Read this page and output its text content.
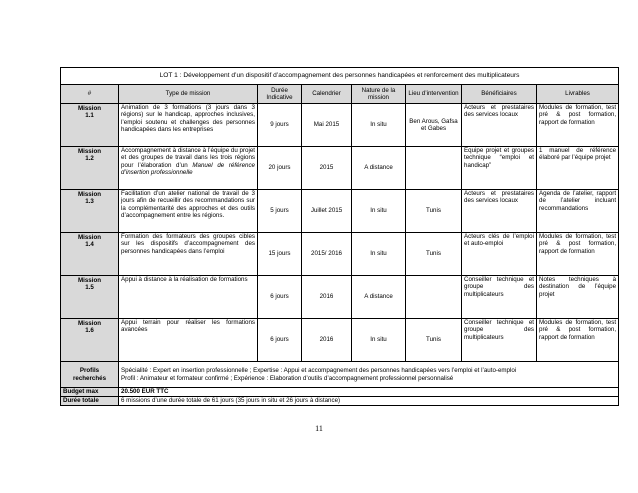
LOT 1 : Développement d’un dispositif d’accompagnement des personnes handicapées et renforcement des multiplicateurs							
#	Type de mission	Durée Indicative	Calendrier	Nature de la mission	Lieu d’intervention	Bénéficiaires	Livrables

Mission
1.1	Animation de 3 formations (3 jours dans 3 régions) sur le handicap, approches inclusives, l’emploi soutenu et challenges des personnes handicapées dans les entreprises	9 jours	Mai 2015	In situ	Ben Arous, Gafsa et Gabes	Acteurs et prestataires des services locaux	Modules de formation, test pré & post formation, rapport de formation

Mission
1.2	Accompagnement à distance à l’équipe du projet et des groupes de travail dans les trois régions pour l’élaboration d’un Manuel de référence d’insertion professionnelle	20 jours	2015	A distance		Equipe projet et groupes technique “emploi et handicap”	1 manuel de référence élaboré par l’équipe projet

Mission
1.3	Facilitation d’un atelier national de travail de 3 jours afin de recueillir des recommandations sur la complémentarité des approches et des outils d’accompagnement entre les régions.	5 jours	Juillet 2015	In situ	Tunis	Acteurs et prestataires des services locaux	Agenda de l’atelier, rapport de l’atelier incluant recommandations

Mission
1.4	Formation des formateurs des groupes cibles sur les dispositifs d’accompagnement des personnes handicapées dans l’emploi	15 jours	2015/ 2016	In situ	Tunis	Acteurs clés de l’emploi et auto-emploi	Modules de formation, test pré & post formation, rapport de formation

Mission
1.5	Appui à distance à la réalisation de formations	6 jours	2016	A distance		Conseiller technique et groupe des multiplicateurs	Notes techniques à destination de l’équipe projet

Mission
1.6	Appui terrain pour réaliser les formations avancées	6 jours	2016	In situ	Tunis	Conseiller technique et groupe des multiplicateurs	Modules de formation, test pré & post formation, rapport de formation
Profils recherchés	Spécialité : Expert en insertion professionnelle ; Expertise : Appui et accompagnement des personnes handicapées vers l’emploi et l’auto-emploi
Profil : Animateur et formateur confirmé ; Expérience : Elaboration d’outils d’accompagnement professionnel personnalisé						

Budget max	20.500 EUR TTC						
Durée totale	6 missions d’une durée totale de 61 jours (35 jours in situ et 26 jours à distance)						
11
